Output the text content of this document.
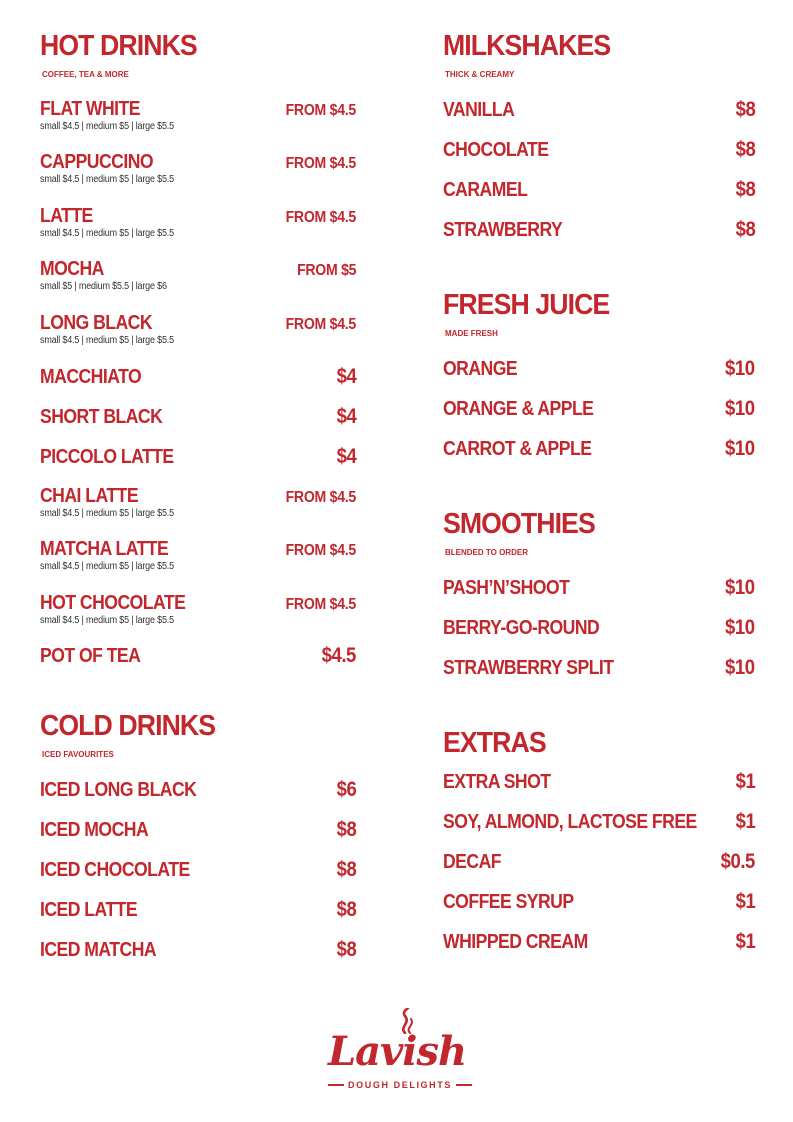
HOT DRINKS
COFFEE, TEA & MORE
FLAT WHITE	FROM $4.5
small $4.5 | medium $5 | large $5.5
CAPPUCCINO	FROM $4.5
small $4.5 | medium $5 | large $5.5
LATTE	FROM $4.5
small $4.5 | medium $5 | large $5.5
MOCHA	FROM $5
small $5 | medium $5.5 | large $6
LONG BLACK	FROM $4.5
small $4.5 | medium $5 | large $5.5
MACCHIATO	$4
SHORT BLACK	$4
PICCOLO LATTE	$4
CHAI LATTE	FROM $4.5
small $4.5 | medium $5 | large $5.5
MATCHA LATTE	FROM $4.5
small $4.5 | medium $5 | large $5.5
HOT CHOCOLATE	FROM $4.5
small $4.5 | medium $5 | large $5.5
POT OF TEA	$4.5
COLD DRINKS
ICED FAVOURITES
ICED LONG BLACK	$6
ICED MOCHA	$8
ICED CHOCOLATE	$8
ICED LATTE	$8
ICED MATCHA	$8
MILKSHAKES
THICK & CREAMY
VANILLA	$8
CHOCOLATE	$8
CARAMEL	$8
STRAWBERRY	$8
FRESH JUICE
MADE FRESH
ORANGE	$10
ORANGE & APPLE	$10
CARROT & APPLE	$10
SMOOTHIES
BLENDED TO ORDER
PASH’N’SHOOT	$10
BERRY-GO-ROUND	$10
STRAWBERRY SPLIT	$10
EXTRAS
EXTRA SHOT	$1
SOY, ALMOND, LACTOSE FREE $1
DECAF	$0.5
COFFEE SYRUP	$1
WHIPPED CREAM	$1
Lavish
DOUGH DELIGHTS
